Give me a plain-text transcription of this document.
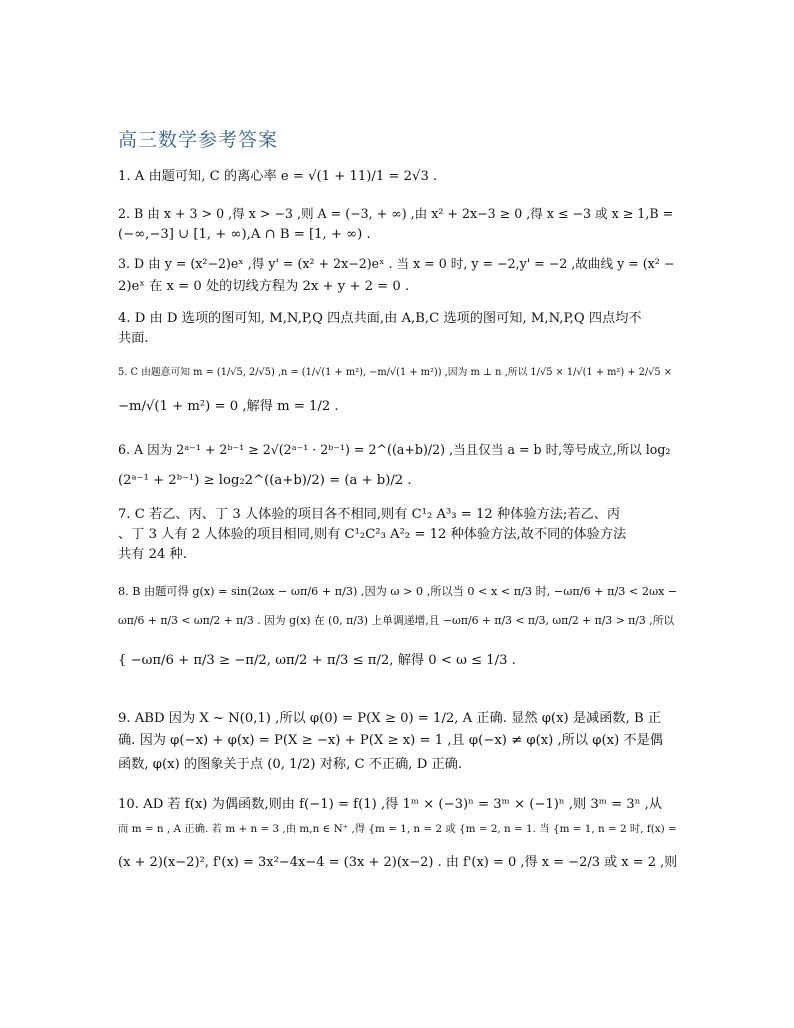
高三数学参考答案
1. A 由题可知, C 的离心率 e = √(1 + 11)/1 = 2√3 .
2. B 由 x + 3 > 0 ,得 x > −3 ,则 A = (−3, + ∞) ,由 x² + 2x−3 ≥ 0 ,得 x ≤ −3 或 x ≥ 1,B =
(−∞,−3] ∪ [1, + ∞),A ∩ B = [1, + ∞) .
3. D 由 y = (x²−2)eˣ ,得 y' = (x² + 2x−2)eˣ . 当 x = 0 时, y = −2,y' = −2 ,故曲线 y = (x² −
2)eˣ 在 x = 0 处的切线方程为 2x + y + 2 = 0 .
4. D 由 D 选项的图可知, M,N,P,Q 四点共面,由 A,B,C 选项的图可知, M,N,P,Q 四点均不
共面.
5. C 由题意可知 m = (1/√5, 2/√5) ,n = (1/√(1 + m²), −m/√(1 + m²)) ,因为 m ⊥ n ,所以 1/√5 × 1/√(1 + m²) + 2/√5 ×
−m/√(1 + m²) = 0 ,解得 m = 1/2 .
6. A 因为 2ᵃ⁻¹ + 2ᵇ⁻¹ ≥ 2√(2ᵃ⁻¹ · 2ᵇ⁻¹) = 2^((a+b)/2) ,当且仅当 a = b 时,等号成立,所以 log₂
(2ᵃ⁻¹ + 2ᵇ⁻¹) ≥ log₂2^((a+b)/2) = (a + b)/2 .
7. C 若乙、丙、丁 3 人体验的项目各不相同,则有 C¹₂ A³₃ = 12 种体验方法;若乙、丙
、丁 3 人有 2 人体验的项目相同,则有 C¹₂C²₃ A²₂ = 12 种体验方法,故不同的体验方法
共有 24 种.
8. B 由题可得 g(x) = sin(2ωx − ωπ/6 + π/3) ,因为 ω > 0 ,所以当 0 < x < π/3 时, −ωπ/6 + π/3 < 2ωx −
ωπ/6 + π/3 < ωπ/2 + π/3 . 因为 g(x) 在 (0, π/3) 上单调递增,且 −ωπ/6 + π/3 < π/3, ωπ/2 + π/3 > π/3 ,所以
{ −ωπ/6 + π/3 ≥ −π/2, ωπ/2 + π/3 ≤ π/2, 解得 0 < ω ≤ 1/3 .
9. ABD 因为 X ~ N(0,1) ,所以 φ(0) = P(X ≥ 0) = 1/2, A 正确. 显然 φ(x) 是减函数, B 正
确. 因为 φ(−x) + φ(x) = P(X ≥ −x) + P(X ≥ x) = 1 ,且 φ(−x) ≠ φ(x) ,所以 φ(x) 不是偶
函数, φ(x) 的图象关于点 (0, 1/2) 对称, C 不正确, D 正确.
10. AD 若 f(x) 为偶函数,则由 f(−1) = f(1) ,得 1ᵐ × (−3)ⁿ = 3ᵐ × (−1)ⁿ ,则 3ᵐ = 3ⁿ ,从
而 m = n , A 正确. 若 m + n = 3 ,由 m,n ∈ N⁺ ,得 {m = 1, n = 2 或 {m = 2, n = 1. 当 {m = 1, n = 2 时, f(x) =
(x + 2)(x−2)², f'(x) = 3x²−4x−4 = (3x + 2)(x−2) . 由 f'(x) = 0 ,得 x = −2/3 或 x = 2 ,则
